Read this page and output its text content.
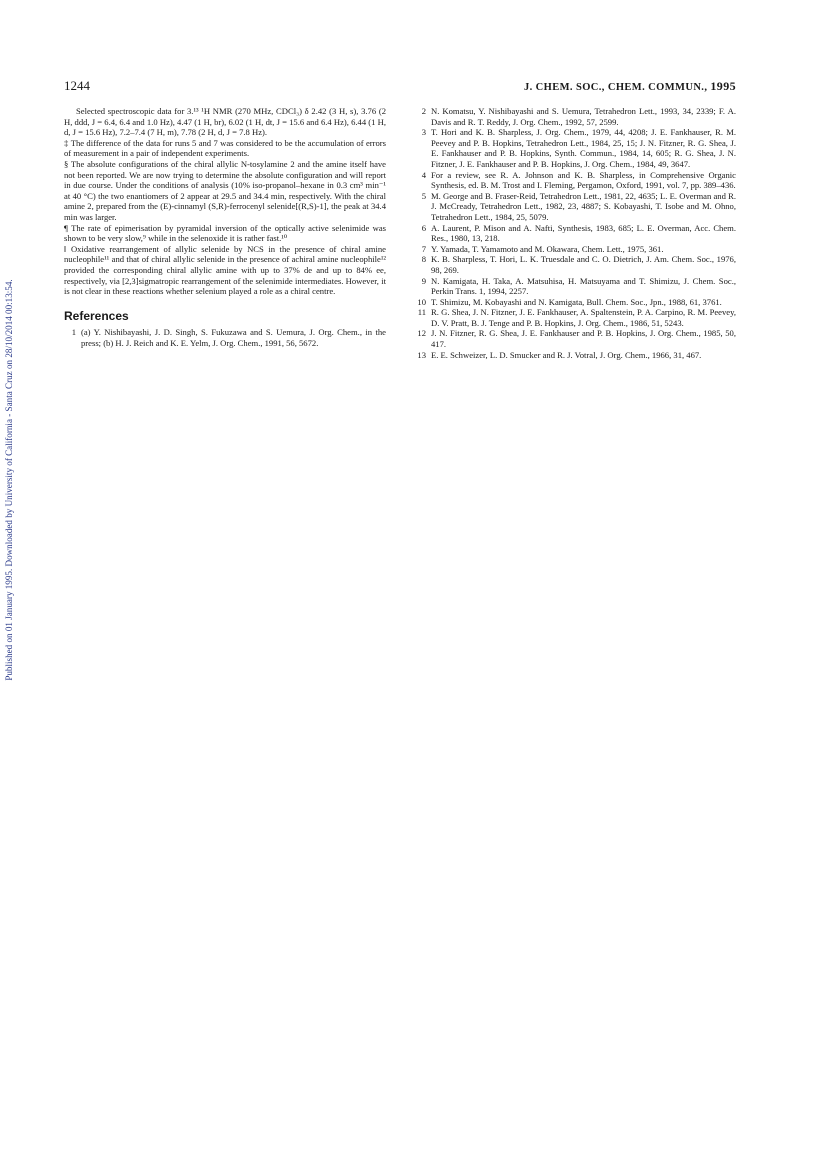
Published on 01 January 1995. Downloaded by University of California - Santa Cruz on 28/10/2014 00:13:54.
1244	J. CHEM. SOC., CHEM. COMMUN., 1995

Selected spectroscopic data for 3.¹³ ¹H NMR (270 MHz, CDCl₃) δ 2.42 (3 H, s), 3.76 (2 H, ddd, J = 6.4, 6.4 and 1.0 Hz), 4.47 (1 H, br), 6.02 (1 H, dt, J = 15.6 and 6.4 Hz), 6.44 (1 H, d, J = 15.6 Hz), 7.2–7.4 (7 H, m), 7.78 (2 H, d, J = 7.8 Hz).

‡ The difference of the data for runs 5 and 7 was considered to be the accumulation of errors of measurement in a pair of independent experiments.

§ The absolute configurations of the chiral allylic N-tosylamine 2 and the amine itself have not been reported. We are now trying to determine the absolute configuration and will report in due course. Under the conditions of analysis (10% iso-propanol–hexane in 0.3 cm³ min⁻¹ at 40 °C) the two enantiomers of 2 appear at 29.5 and 34.4 min, respectively. With the chiral amine 2, prepared from the (E)-cinnamyl (S,R)-ferrocenyl selenide[(R,S)-1], the peak at 34.4 min was larger.

¶ The rate of epimerisation by pyramidal inversion of the optically active selenimide was shown to be very slow,⁹ while in the selenoxide it is rather fast.¹⁰

‖ Oxidative rearrangement of allylic selenide by NCS in the presence of chiral amine nucleophile¹¹ and that of chiral allylic selenide in the presence of achiral amine nucleophile¹² provided the corresponding chiral allylic amine with up to 37% de and up to 84% ee, respectively, via [2,3]sigmatropic rearrangement of the selenimide intermediates. However, it is not clear in these reactions whether selenium played a role as a chiral centre.

References

1 (a) Y. Nishibayashi, J. D. Singh, S. Fukuzawa and S. Uemura, J. Org. Chem., in the press; (b) H. J. Reich and K. E. Yelm, J. Org. Chem., 1991, 56, 5672.

2 N. Komatsu, Y. Nishibayashi and S. Uemura, Tetrahedron Lett., 1993, 34, 2339; F. A. Davis and R. T. Reddy, J. Org. Chem., 1992, 57, 2599.

3 T. Hori and K. B. Sharpless, J. Org. Chem., 1979, 44, 4208; J. E. Fankhauser, R. M. Peevey and P. B. Hopkins, Tetrahedron Lett., 1984, 25, 15; J. N. Fitzner, R. G. Shea, J. E. Fankhauser and P. B. Hopkins, Synth. Commun., 1984, 14, 605; R. G. Shea, J. N. Fitzner, J. E. Fankhauser and P. B. Hopkins, J. Org. Chem., 1984, 49, 3647.

4 For a review, see R. A. Johnson and K. B. Sharpless, in Comprehensive Organic Synthesis, ed. B. M. Trost and I. Fleming, Pergamon, Oxford, 1991, vol. 7, pp. 389–436.

5 M. George and B. Fraser-Reid, Tetrahedron Lett., 1981, 22, 4635; L. E. Overman and R. J. McCready, Tetrahedron Lett., 1982, 23, 4887; S. Kobayashi, T. Isobe and M. Ohno, Tetrahedron Lett., 1984, 25, 5079.

6 A. Laurent, P. Mison and A. Nafti, Synthesis, 1983, 685; L. E. Overman, Acc. Chem. Res., 1980, 13, 218.

7 Y. Yamada, T. Yamamoto and M. Okawara, Chem. Lett., 1975, 361.

8 K. B. Sharpless, T. Hori, L. K. Truesdale and C. O. Dietrich, J. Am. Chem. Soc., 1976, 98, 269.

9 N. Kamigata, H. Taka, A. Matsuhisa, H. Matsuyama and T. Shimizu, J. Chem. Soc., Perkin Trans. 1, 1994, 2257.

10 T. Shimizu, M. Kobayashi and N. Kamigata, Bull. Chem. Soc., Jpn., 1988, 61, 3761.

11 R. G. Shea, J. N. Fitzner, J. E. Fankhauser, A. Spaltenstein, P. A. Carpino, R. M. Peevey, D. V. Pratt, B. J. Tenge and P. B. Hopkins, J. Org. Chem., 1986, 51, 5243.

12 J. N. Fitzner, R. G. Shea, J. E. Fankhauser and P. B. Hopkins, J. Org. Chem., 1985, 50, 417.

13 E. E. Schweizer, L. D. Smucker and R. J. Votral, J. Org. Chem., 1966, 31, 467.
